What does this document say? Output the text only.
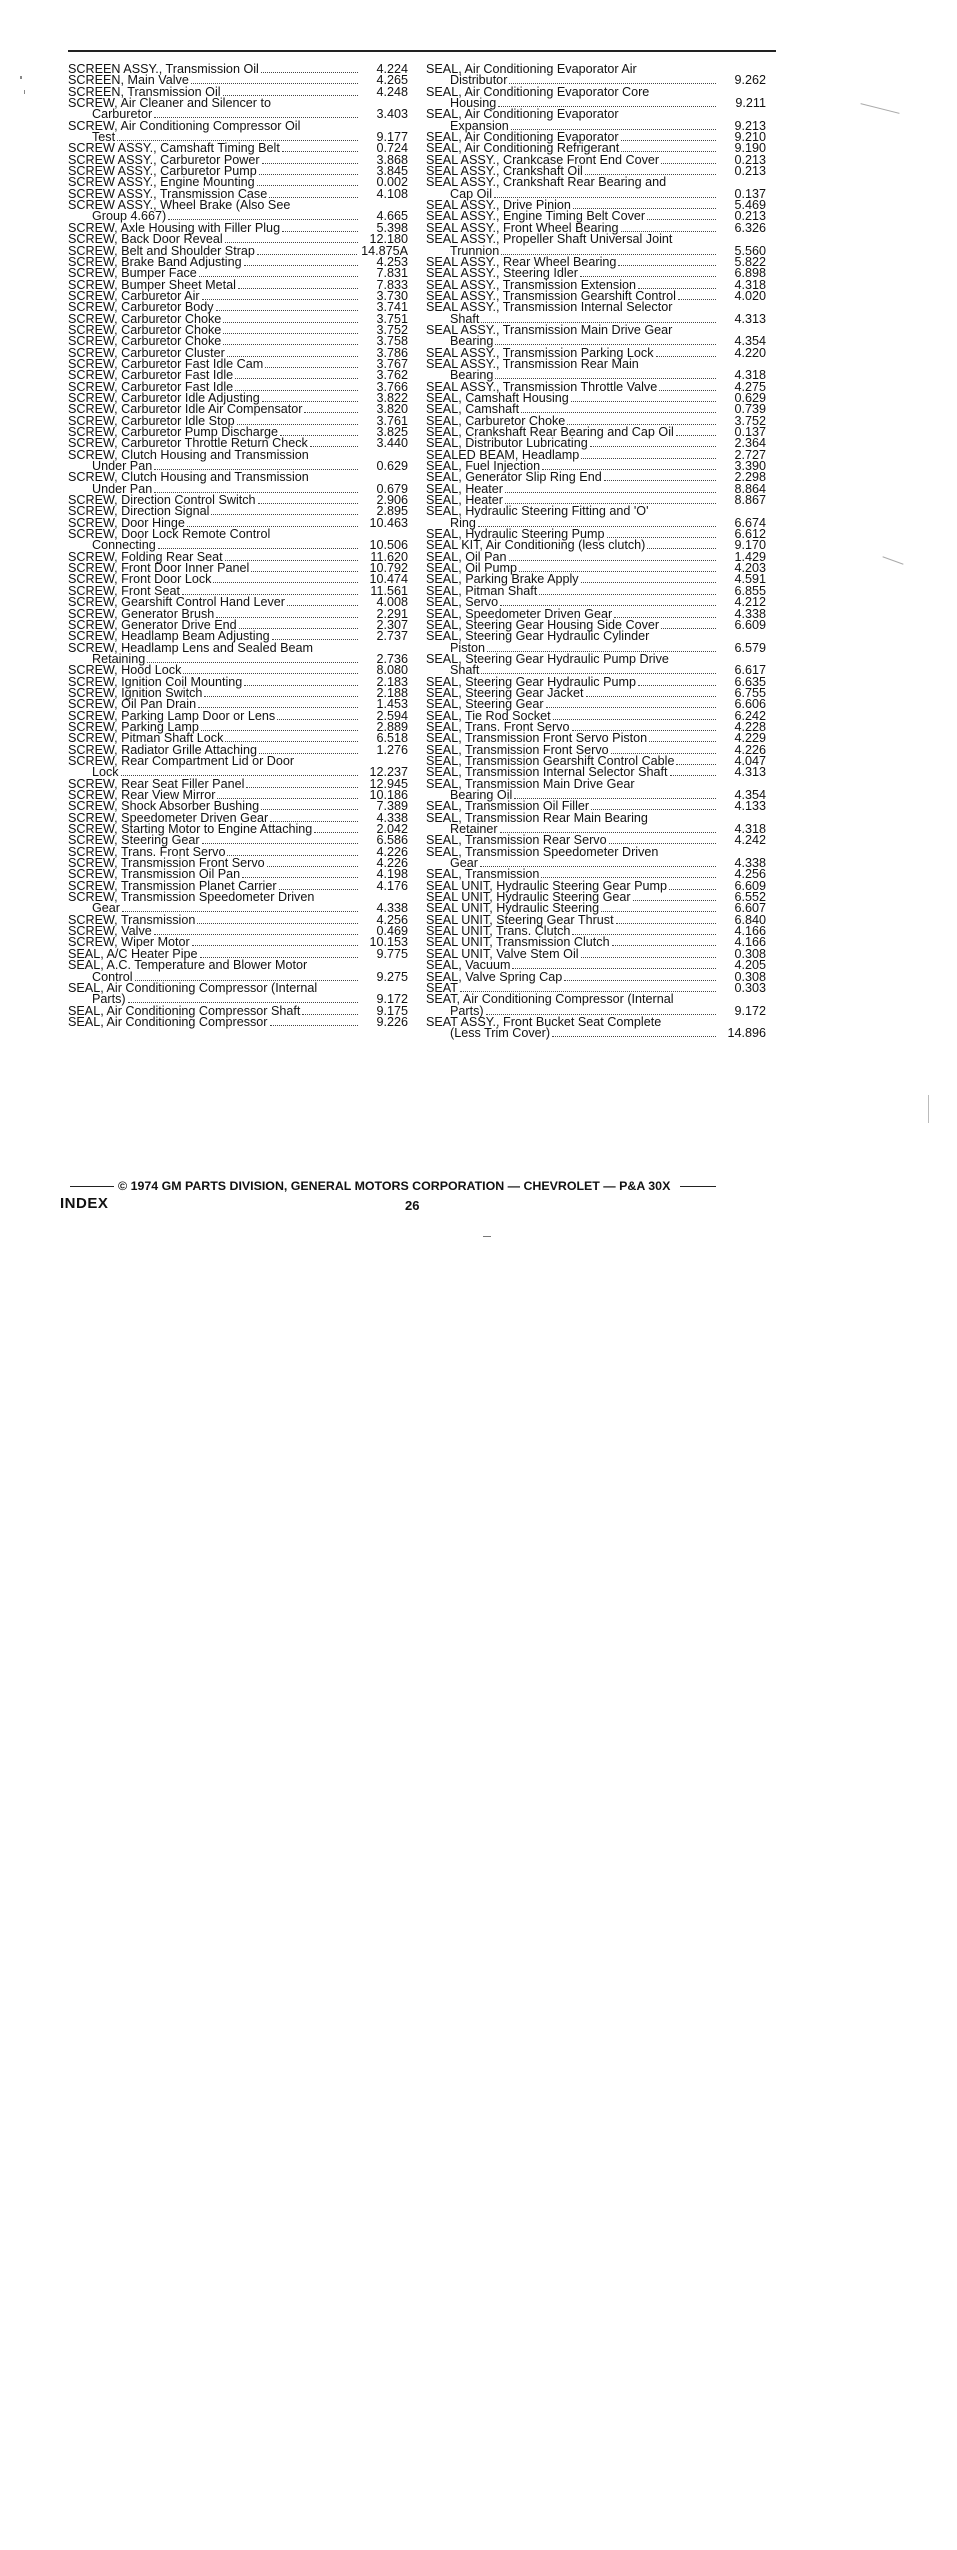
SCREEN ASSY., Transmission Oil	4.224
SCREEN, Main Valve	4.265
SCREEN, Transmission Oil	4.248
SCREW, Air Cleaner and Silencer to
Carburetor	3.403
SCREW, Air Conditioning Compressor Oil
Test	9.177
SCREW ASSY., Camshaft Timing Belt	0.724
SCREW ASSY., Carburetor Power	3.868
SCREW ASSY., Carburetor Pump	3.845
SCREW ASSY., Engine Mounting	0.002
SCREW ASSY., Transmission Case	4.108
SCREW ASSY., Wheel Brake (Also See
Group 4.667)	4.665
SCREW, Axle Housing with Filler Plug	5.398
SCREW, Back Door Reveal	12.180
SCREW, Belt and Shoulder Strap	14.875A
SCREW, Brake Band Adjusting	4.253
SCREW, Bumper Face	7.831
SCREW, Bumper Sheet Metal	7.833
SCREW, Carburetor Air	3.730
SCREW, Carburetor Body	3.741
SCREW, Carburetor Choke	3.751
SCREW, Carburetor Choke	3.752
SCREW, Carburetor Choke	3.758
SCREW, Carburetor Cluster	3.786
SCREW, Carburetor Fast Idle Cam	3.767
SCREW, Carburetor Fast Idle	3.762
SCREW, Carburetor Fast Idle	3.766
SCREW, Carburetor Idle Adjusting	3.822
SCREW, Carburetor Idle Air Compensator	3.820
SCREW, Carburetor Idle Stop	3.761
SCREW, Carburetor Pump Discharge	3.825
SCREW, Carburetor Throttle Return Check	3.440
SCREW, Clutch Housing and Transmission
Under Pan	0.629
SCREW, Clutch Housing and Transmission
Under Pan	0.679
SCREW, Direction Control Switch	2.906
SCREW, Direction Signal	2.895
SCREW, Door Hinge	10.463
SCREW, Door Lock Remote Control
Connecting	10.506
SCREW, Folding Rear Seat	11.620
SCREW, Front Door Inner Panel	10.792
SCREW, Front Door Lock	10.474
SCREW, Front Seat	11.561
SCREW, Gearshift Control Hand Lever	4.008
SCREW, Generator Brush	2.291
SCREW, Generator Drive End	2.307
SCREW, Headlamp Beam Adjusting	2.737
SCREW, Headlamp Lens and Sealed Beam
Retaining	2.736
SCREW, Hood Lock	8.080
SCREW, Ignition Coil Mounting	2.183
SCREW, Ignition Switch	2.188
SCREW, Oil Pan Drain	1.453
SCREW, Parking Lamp Door or Lens	2.594
SCREW, Parking Lamp	2.889
SCREW, Pitman Shaft Lock	6.518
SCREW, Radiator Grille Attaching	1.276
SCREW, Rear Compartment Lid or Door
Lock	12.237
SCREW, Rear Seat Filler Panel	12.945
SCREW, Rear View Mirror	10.186
SCREW, Shock Absorber Bushing	7.389
SCREW, Speedometer Driven Gear	4.338
SCREW, Starting Motor to Engine Attaching	2.042
SCREW, Steering Gear	6.586
SCREW, Trans. Front Servo	4.226
SCREW, Transmission Front Servo	4.226
SCREW, Transmission Oil Pan	4.198
SCREW, Transmission Planet Carrier	4.176
SCREW, Transmission Speedometer Driven
Gear	4.338
SCREW, Transmission	4.256
SCREW, Valve	0.469
SCREW, Wiper Motor	10.153
SEAL, A/C Heater Pipe	9.775
SEAL, A.C. Temperature and Blower Motor
Control	9.275
SEAL, Air Conditioning Compressor (Internal
Parts)	9.172
SEAL, Air Conditioning Compressor Shaft	9.175
SEAL, Air Conditioning Compressor	9.226
SEAL, Air Conditioning Evaporator Air
Distributor	9.262
SEAL, Air Conditioning Evaporator Core
Housing	9.211
SEAL, Air Conditioning Evaporator
Expansion	9.213
SEAL, Air Conditioning Evaporator	9.210
SEAL, Air Conditioning Refrigerant	9.190
SEAL ASSY., Crankcase Front End Cover	0.213
SEAL ASSY., Crankshaft Oil	0.213
SEAL ASSY., Crankshaft Rear Bearing and
Cap Oil	0.137
SEAL ASSY., Drive Pinion	5.469
SEAL ASSY., Engine Timing Belt Cover	0.213
SEAL ASSY., Front Wheel Bearing	6.326
SEAL ASSY., Propeller Shaft Universal Joint
Trunnion	5.560
SEAL ASSY., Rear Wheel Bearing	5.822
SEAL ASSY., Steering Idler	6.898
SEAL ASSY., Transmission Extension	4.318
SEAL ASSY., Transmission Gearshift Control	4.020
SEAL ASSY., Transmission Internal Selector
Shaft	4.313
SEAL ASSY., Transmission Main Drive Gear
Bearing	4.354
SEAL ASSY., Transmission Parking Lock	4.220
SEAL ASSY., Transmission Rear Main
Bearing	4.318
SEAL ASSY., Transmission Throttle Valve	4.275
SEAL, Camshaft Housing	0.629
SEAL, Camshaft	0.739
SEAL, Carburetor Choke	3.752
SEAL, Crankshaft Rear Bearing and Cap Oil	0.137
SEAL, Distributor Lubricating	2.364
SEALED BEAM, Headlamp	2.727
SEAL, Fuel Injection	3.390
SEAL, Generator Slip Ring End	2.298
SEAL, Heater	8.864
SEAL, Heater	8.867
SEAL, Hydraulic Steering Fitting and 'O'
Ring	6.674
SEAL, Hydraulic Steering Pump	6.612
SEAL KIT, Air Conditioning (less clutch)	9.170
SEAL, Oil Pan	1.429
SEAL, Oil Pump	4.203
SEAL, Parking Brake Apply	4.591
SEAL, Pitman Shaft	6.855
SEAL, Servo	4.212
SEAL, Speedometer Driven Gear	4.338
SEAL, Steering Gear Housing Side Cover	6.609
SEAL, Steering Gear Hydraulic Cylinder
Piston	6.579
SEAL, Steering Gear Hydraulic Pump Drive
Shaft	6.617
SEAL, Steering Gear Hydraulic Pump	6.635
SEAL, Steering Gear Jacket	6.755
SEAL, Steering Gear	6.606
SEAL, Tie Rod Socket	6.242
SEAL, Trans. Front Servo	4.228
SEAL, Transmission Front Servo Piston	4.229
SEAL, Transmission Front Servo	4.226
SEAL, Transmission Gearshift Control Cable	4.047
SEAL, Transmission Internal Selector Shaft	4.313
SEAL, Transmission Main Drive Gear
Bearing Oil	4.354
SEAL, Transmission Oil Filler	4.133
SEAL, Transmission Rear Main Bearing
Retainer	4.318
SEAL, Transmission Rear Servo	4.242
SEAL, Transmission Speedometer Driven
Gear	4.338
SEAL, Transmission	4.256
SEAL UNIT, Hydraulic Steering Gear Pump	6.609
SEAL UNIT, Hydraulic Steering Gear	6.552
SEAL UNIT, Hydraulic Steering	6.607
SEAL UNIT, Steering Gear Thrust	6.840
SEAL UNIT, Trans. Clutch	4.166
SEAL UNIT, Transmission Clutch	4.166
SEAL UNIT, Valve Stem Oil	0.308
SEAL, Vacuum	4.205
SEAL, Valve Spring Cap	0.308
SEAT	0.303
SEAT, Air Conditioning Compressor (Internal
Parts)	9.172
SEAT ASSY., Front Bucket Seat Complete
(Less Trim Cover)	14.896
© 1974 GM PARTS DIVISION, GENERAL MOTORS CORPORATION — CHEVROLET — P&A 30X
INDEX	26
